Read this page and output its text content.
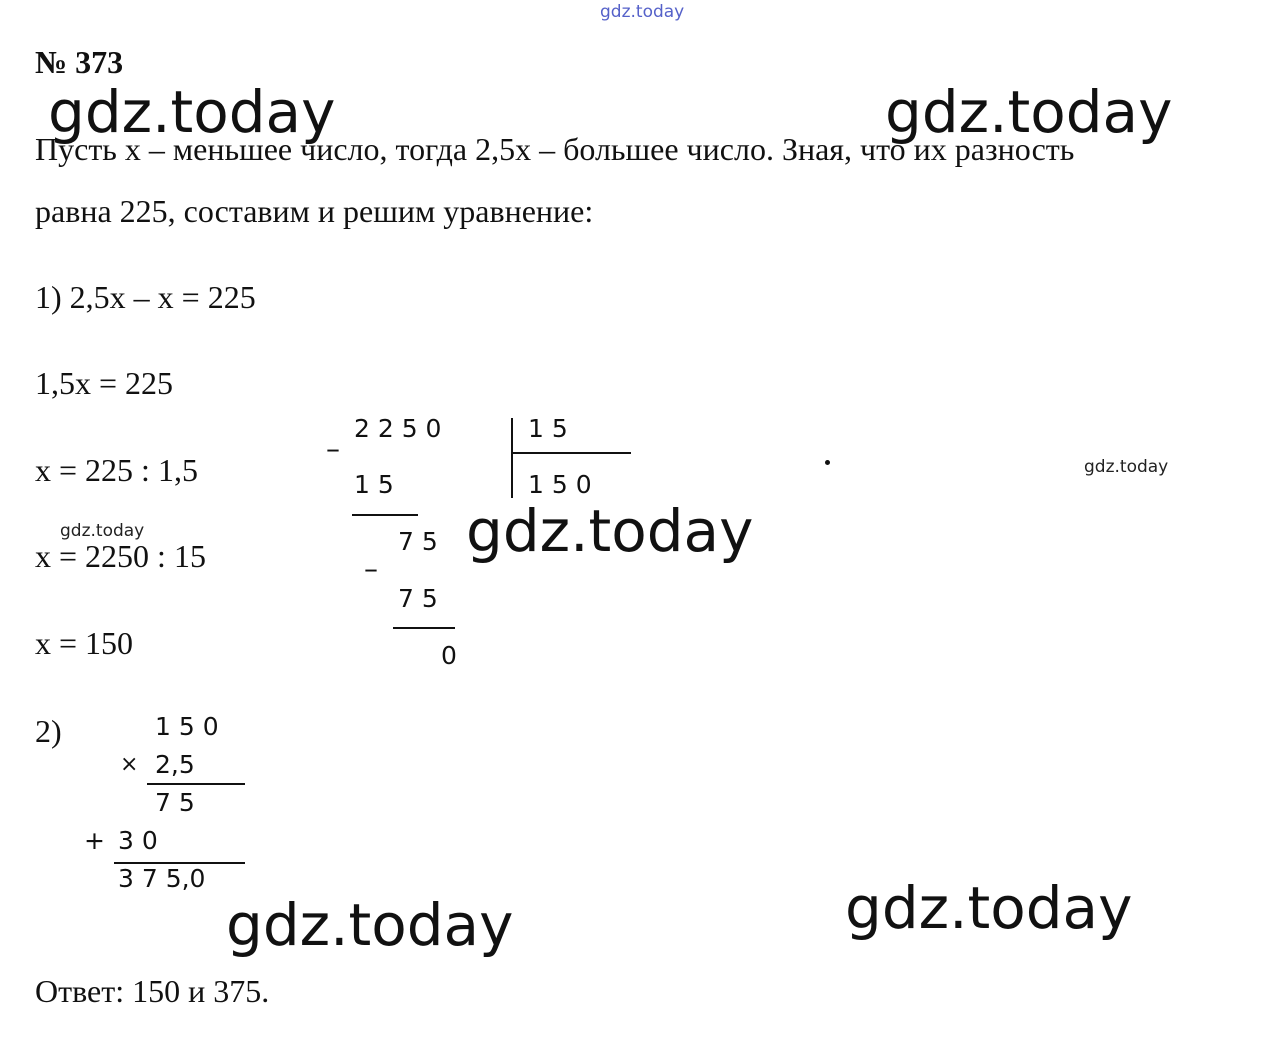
gdz.today
№ 373
gdz.today	gdz.today
Пусть x – меньшее число, тогда 2,5x – большее число. Зная, что их разность
равна 225, составим и решим уравнение:
1) 2,5x – x = 225
1,5x = 225
x = 225 : 1,5
gdz.today
x = 2250 : 15
x = 150
–
2 2 5 0	1 5
1 5 0
1 5
–
7 5
7 5
0
gdz.today
gdz.today
2)	1 5 0
× 2,5
7 5
+ 3 0
3 7 5,0
gdz.today	gdz.today
Ответ: 150 и 375.
